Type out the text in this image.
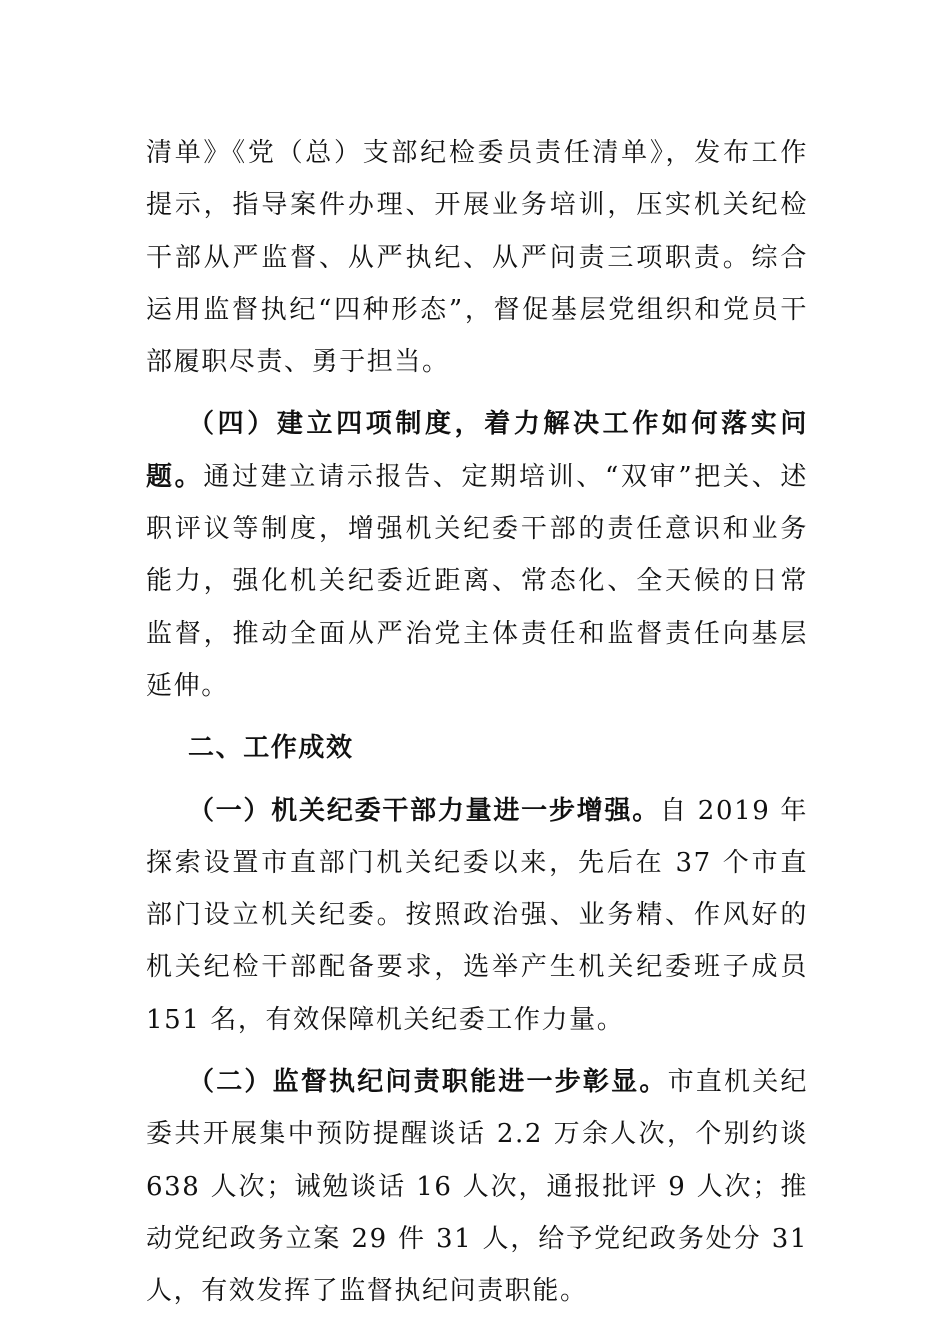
清单》《党（总）支部纪检委员责任清单》，发布工作提示，指导案件办理、开展业务培训，压实机关纪检干部从严监督、从严执纪、从严问责三项职责。综合运用监督执纪“四种形态”，督促基层党组织和党员干部履职尽责、勇于担当。

（四）建立四项制度，着力解决工作如何落实问题。通过建立请示报告、定期培训、“双审”把关、述职评议等制度，增强机关纪委干部的责任意识和业务能力，强化机关纪委近距离、常态化、全天候的日常监督，推动全面从严治党主体责任和监督责任向基层延伸。

二、工作成效

（一）机关纪委干部力量进一步增强。自 2019 年探索设置市直部门机关纪委以来，先后在 37 个市直部门设立机关纪委。按照政治强、业务精、作风好的机关纪检干部配备要求，选举产生机关纪委班子成员 151 名，有效保障机关纪委工作力量。

（二）监督执纪问责职能进一步彰显。市直机关纪委共开展集中预防提醒谈话 2.2 万余人次，个别约谈 638 人次；诫勉谈话 16 人次，通报批评 9 人次；推动党纪政务立案 29 件 31 人，给予党纪政务处分 31 人，有效发挥了监督执纪问责职能。
